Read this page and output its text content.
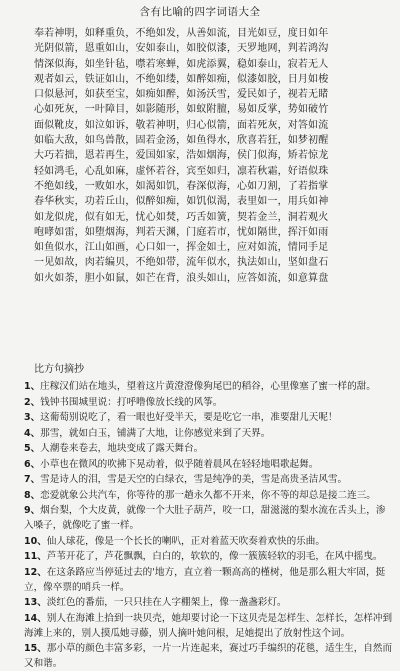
含有比喻的四字词语大全
奉若神明，如释重负，不绝如发，从善如流，目光如豆，度日如年
光阴似箭，恩重如山，安如泰山，如胶似漆，天罗地网，判若鸿沟
情深似海，如坐针毡，噤若寒蝉，如虎添翼，稳如泰山，寂若无人
观者如云，铁证如山，不绝如缕，如醉如痴，似漆如胶，日月如梭
口似悬河，如获至宝，如痴如醉，如汤沃雪，爱民如子，视若无睹
心如死灰，一叶障目，如影随形，如蚁附膻，易如反掌，势如破竹
面似靴皮，如泣如诉，敬若神明，归心似箭，面若死灰，对答如流
如临大敌，如鸟兽散，固若金汤，如鱼得水，欣喜若狂，如梦初醒
大巧若拙，恩若再生，爱国如家，浩如烟海，侯门似海，矫若惊龙
轻如鸿毛，心乱如麻，虚怀若谷，宾至如归，凛若秋霜，好语似珠
不绝如线，一败如水，如渴如饥，春深似海，心如刀割，了若指掌
春华秋实，功若丘山，似醉如痴，如饥似渴，表里如一，用兵如神
如龙似虎，似有如无，忧心如焚，巧舌如簧，契若金兰，洞若观火
咆哮如雷，如堕烟海，判若天渊，门庭若市，忧如隔世，挥汗如雨
如鱼似水，江山如画，心口如一，挥金如土，应对如流，情同手足
一见如故，肉若编贝，不绝如带，流年似水，执法如山，坚如盘石
如火如荼，胆小如鼠，如芒在背，浪头如山，应答如流，如意算盘
比方句摘抄
1、庄稼汉们站在地头，望着这片黄澄澄像狗尾巴的稻谷，心里像塞了蜜一样的甜。
2、钱钟书围城里说：打呼噜像放长线的风筝。
3、这葡萄别说吃了，看一眼也好受半天，要是吃它一串，准要甜儿天呢！
4、那雪，就如白玉，铺满了大地，让你感觉来到了天界。
5、人潮卷来卷去，地块变成了露天舞台。
6、小草也在微风的吹拂下晃动着，似乎随着晨风在轻轻地唱歌起舞。
7、雪是诗人的泪，雪是天空的白绿衣，雪是纯净的美，雪是高贵圣洁风雪。
8、恋爱就象公共汽车，你等待的那一趟永久都不开来，你不等的却总是接二连三。
9、烟台梨，个大皮黄，就像一个大肚子葫芦，咬一口，甜滋滋的梨水流在舌头上，渗入嗓子，就像吃了蜜一样。
10、仙人球花，像是一个长长的喇叭，正对着蓝天吹奏着欢快的乐曲。
11、芦苇开花了，芦花飘飘，白白的，软软的，像一簇簇轻软的羽毛，在风中摇曳。
12、在这条路应当停延过去的'地方，直立着一颗高高的槿树，他是那么粗大牢固，挺立，像卒票的哨兵一样。
13、淡红色的番茄，一只只挂在人字棚架上，像一盏盏彩灯。
14、别人在海滩上拾到一块贝壳，她却要讨论一下这贝壳是怎样生、怎样长，怎样冲到海滩上来的，别人摸瓜她寻藤，别人摘叶她问根，足她提出了放射性这个词。
15、那小草的颜色丰富多彩，一片一片连起来，赛过巧手编织的花毯，适生生，自然而又和谐。
